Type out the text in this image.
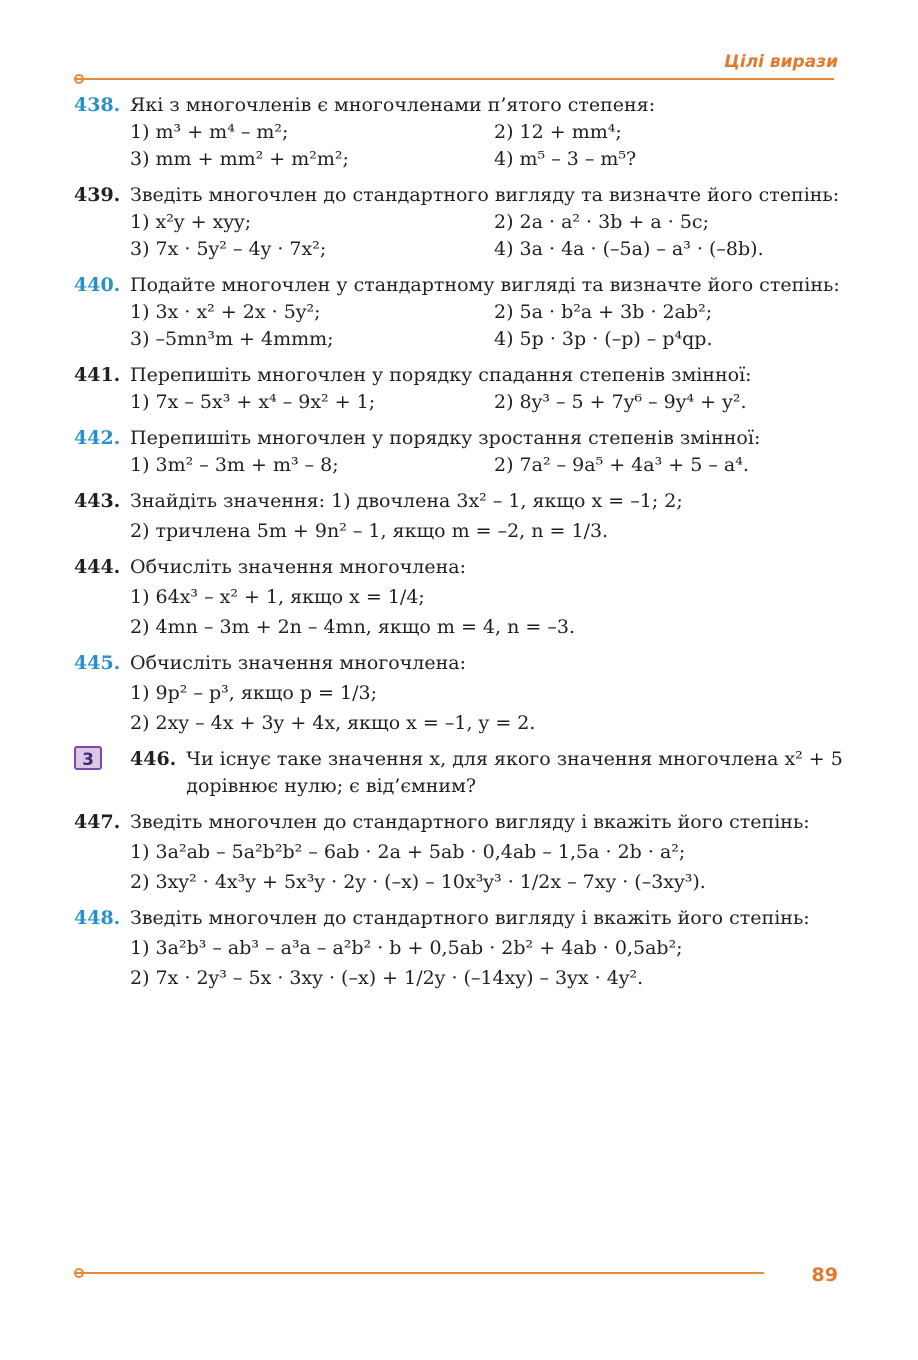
Цілі вирази
438. Які з многочленів є многочленами п’ятого степеня:
1) m³ + m⁴ – m²;	2) 12 + mm⁴;
3) mm + mm² + m²m²;	4) m⁵ – 3 – m⁵?
439. Зведіть многочлен до стандартного вигляду та визначте його степінь:
1) x²y + xyy;	2) 2a · a² · 3b + a · 5c;
3) 7x · 5y² – 4y · 7x²;	4) 3a · 4a · (–5a) – a³ · (–8b).
440. Подайте многочлен у стандартному вигляді та визначте його степінь:
1) 3x · x² + 2x · 5y²;	2) 5a · b²a + 3b · 2ab²;
3) –5mn³m + 4mmm;	4) 5p · 3p · (–p) – p⁴qp.
441. Перепишіть многочлен у порядку спадання степенів змінної:
1) 7x – 5x³ + x⁴ – 9x² + 1;	2) 8y³ – 5 + 7y⁶ – 9y⁴ + y².
442. Перепишіть многочлен у порядку зростання степенів змінної:
1) 3m² – 3m + m³ – 8;	2) 7a² – 9a⁵ + 4a³ + 5 – a⁴.
443. Знайдіть значення: 1) двочлена 3x² – 1, якщо x = –1; 2;
2) тричлена 5m + 9n² – 1, якщо m = –2, n = 1/3.
444. Обчисліть значення многочлена:
1) 64x³ – x² + 1, якщо x = 1/4;
2) 4mn – 3m + 2n – 4mn, якщо m = 4, n = –3.
445. Обчисліть значення многочлена:
1) 9p² – p³, якщо p = 1/3;
2) 2xy – 4x + 3y + 4x, якщо x = –1, y = 2.
3	446. Чи існує таке значення x, для якого значення многочлена x² + 5 дорівнює нулю; є від’ємним?
447. Зведіть многочлен до стандартного вигляду і вкажіть його степінь:
1) 3a²ab – 5a²b²b² – 6ab · 2a + 5ab · 0,4ab – 1,5a · 2b · a²;
2) 3xy² · 4x³y + 5x³y · 2y · (–x) – 10x³y³ · 1/2x – 7xy · (–3xy³).
448. Зведіть многочлен до стандартного вигляду і вкажіть його степінь:
1) 3a²b³ – ab³ – a³a – a²b² · b + 0,5ab · 2b² + 4ab · 0,5ab²;
2) 7x · 2y³ – 5x · 3xy · (–x) + 1/2y · (–14xy) – 3yx · 4y².
89
